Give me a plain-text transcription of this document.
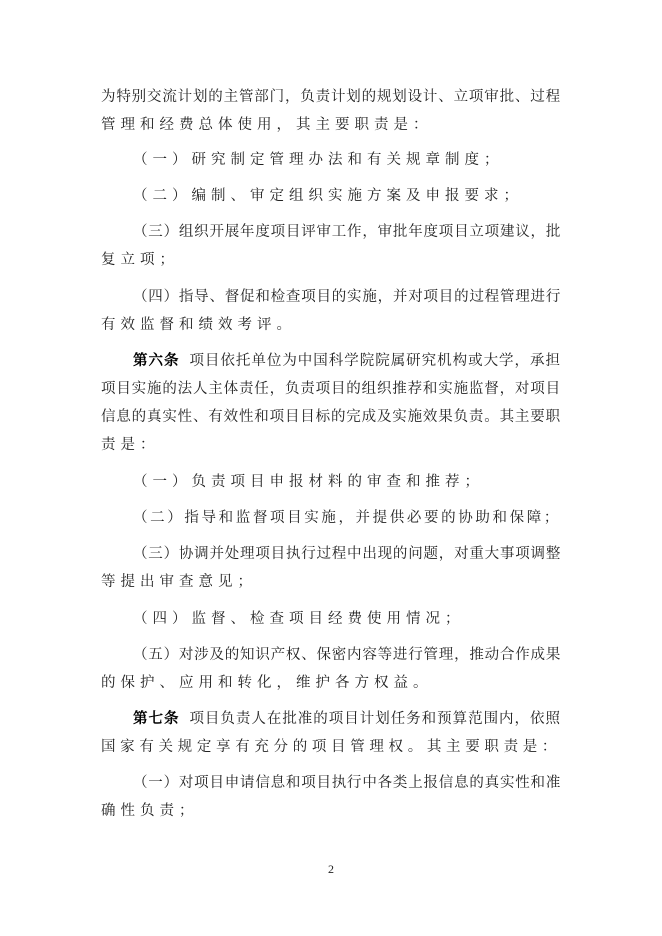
为特别交流计划的主管部门，负责计划的规划设计、立项审批、过程
管理和经费总体使用，其主要职责是：
（一）研究制定管理办法和有关规章制度；
（二）编制、审定组织实施方案及申报要求；
（三）组织开展年度项目评审工作，审批年度项目立项建议，批
复立项；
（四）指导、督促和检查项目的实施，并对项目的过程管理进行
有效监督和绩效考评。
第六条 项目依托单位为中国科学院院属研究机构或大学，承担
项目实施的法人主体责任，负责项目的组织推荐和实施监督，对项目
信息的真实性、有效性和项目目标的完成及实施效果负责。其主要职
责是：
（一）负责项目申报材料的审查和推荐；
（二）指导和监督项目实施，并提供必要的协助和保障；
（三）协调并处理项目执行过程中出现的问题，对重大事项调整
等提出审查意见；
（四）监督、检查项目经费使用情况；
（五）对涉及的知识产权、保密内容等进行管理，推动合作成果
的保护、应用和转化，维护各方权益。
第七条 项目负责人在批准的项目计划任务和预算范围内，依照
国家有关规定享有充分的项目管理权。其主要职责是：
（一）对项目申请信息和项目执行中各类上报信息的真实性和准
确性负责；
2
